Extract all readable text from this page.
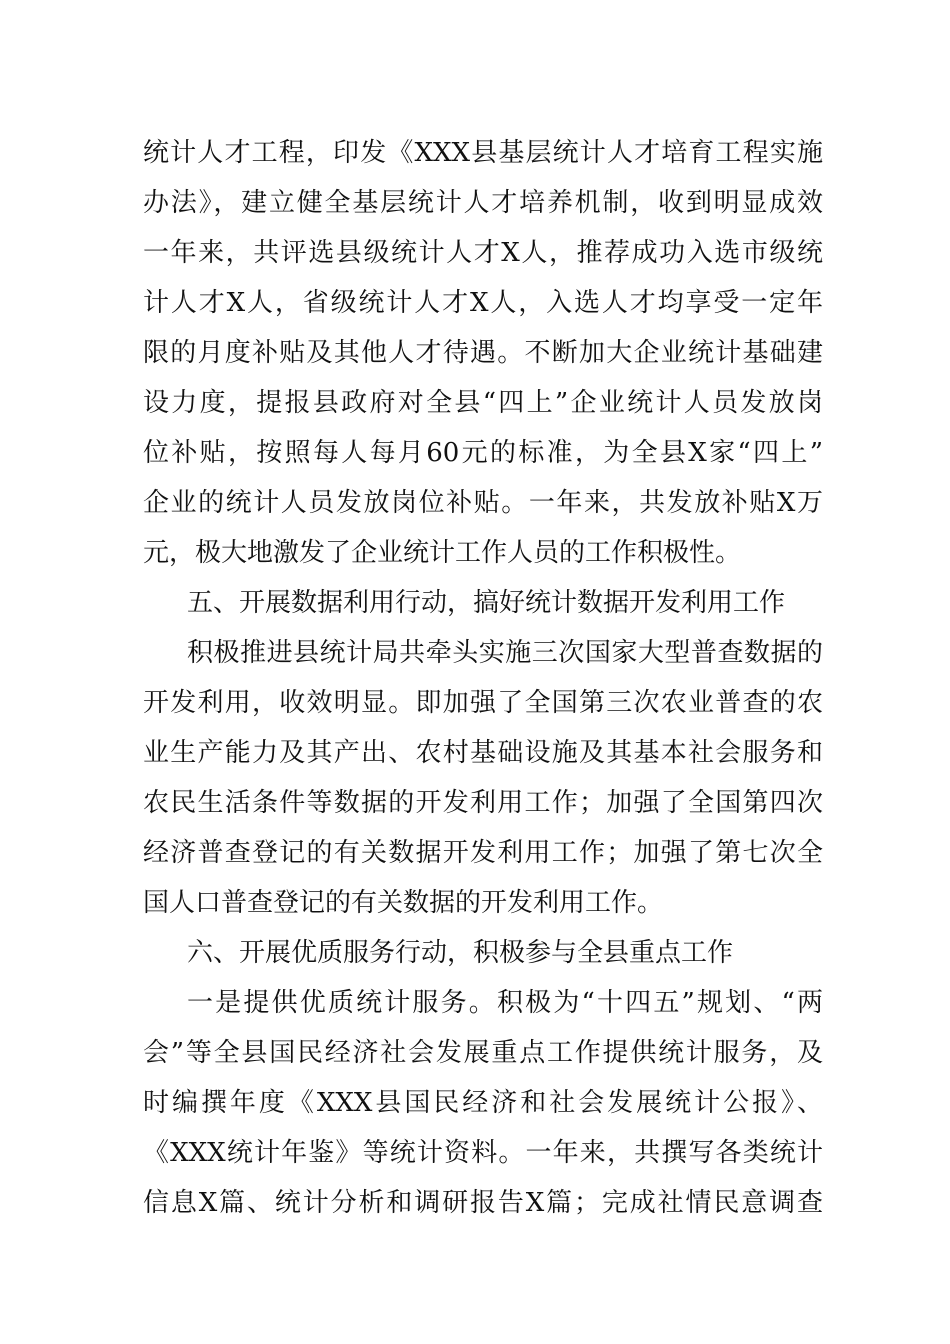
统计人才工程，印发《XXX县基层统计人才培育工程实施
办法》，建立健全基层统计人才培养机制，收到明显成效
一年来，共评选县级统计人才X人，推荐成功入选市级统
计人才X人，省级统计人才X人，入选人才均享受一定年
限的月度补贴及其他人才待遇。不断加大企业统计基础建
设力度，提报县政府对全县“四上”企业统计人员发放岗
位补贴，按照每人每月60元的标准，为全县X家“四上”
企业的统计人员发放岗位补贴。一年来，共发放补贴X万
元，极大地激发了企业统计工作人员的工作积极性。
五、开展数据利用行动，搞好统计数据开发利用工作
积极推进县统计局共牵头实施三次国家大型普查数据的
开发利用，收效明显。即加强了全国第三次农业普查的农
业生产能力及其产出、农村基础设施及其基本社会服务和
农民生活条件等数据的开发利用工作；加强了全国第四次
经济普查登记的有关数据开发利用工作；加强了第七次全
国人口普查登记的有关数据的开发利用工作。
六、开展优质服务行动，积极参与全县重点工作
一是提供优质统计服务。积极为“十四五”规划、“两
会”等全县国民经济社会发展重点工作提供统计服务，及
时编撰年度《XXX县国民经济和社会发展统计公报》、
《XXX统计年鉴》等统计资料。一年来，共撰写各类统计
信息X篇、统计分析和调研报告X篇；完成社情民意调查
